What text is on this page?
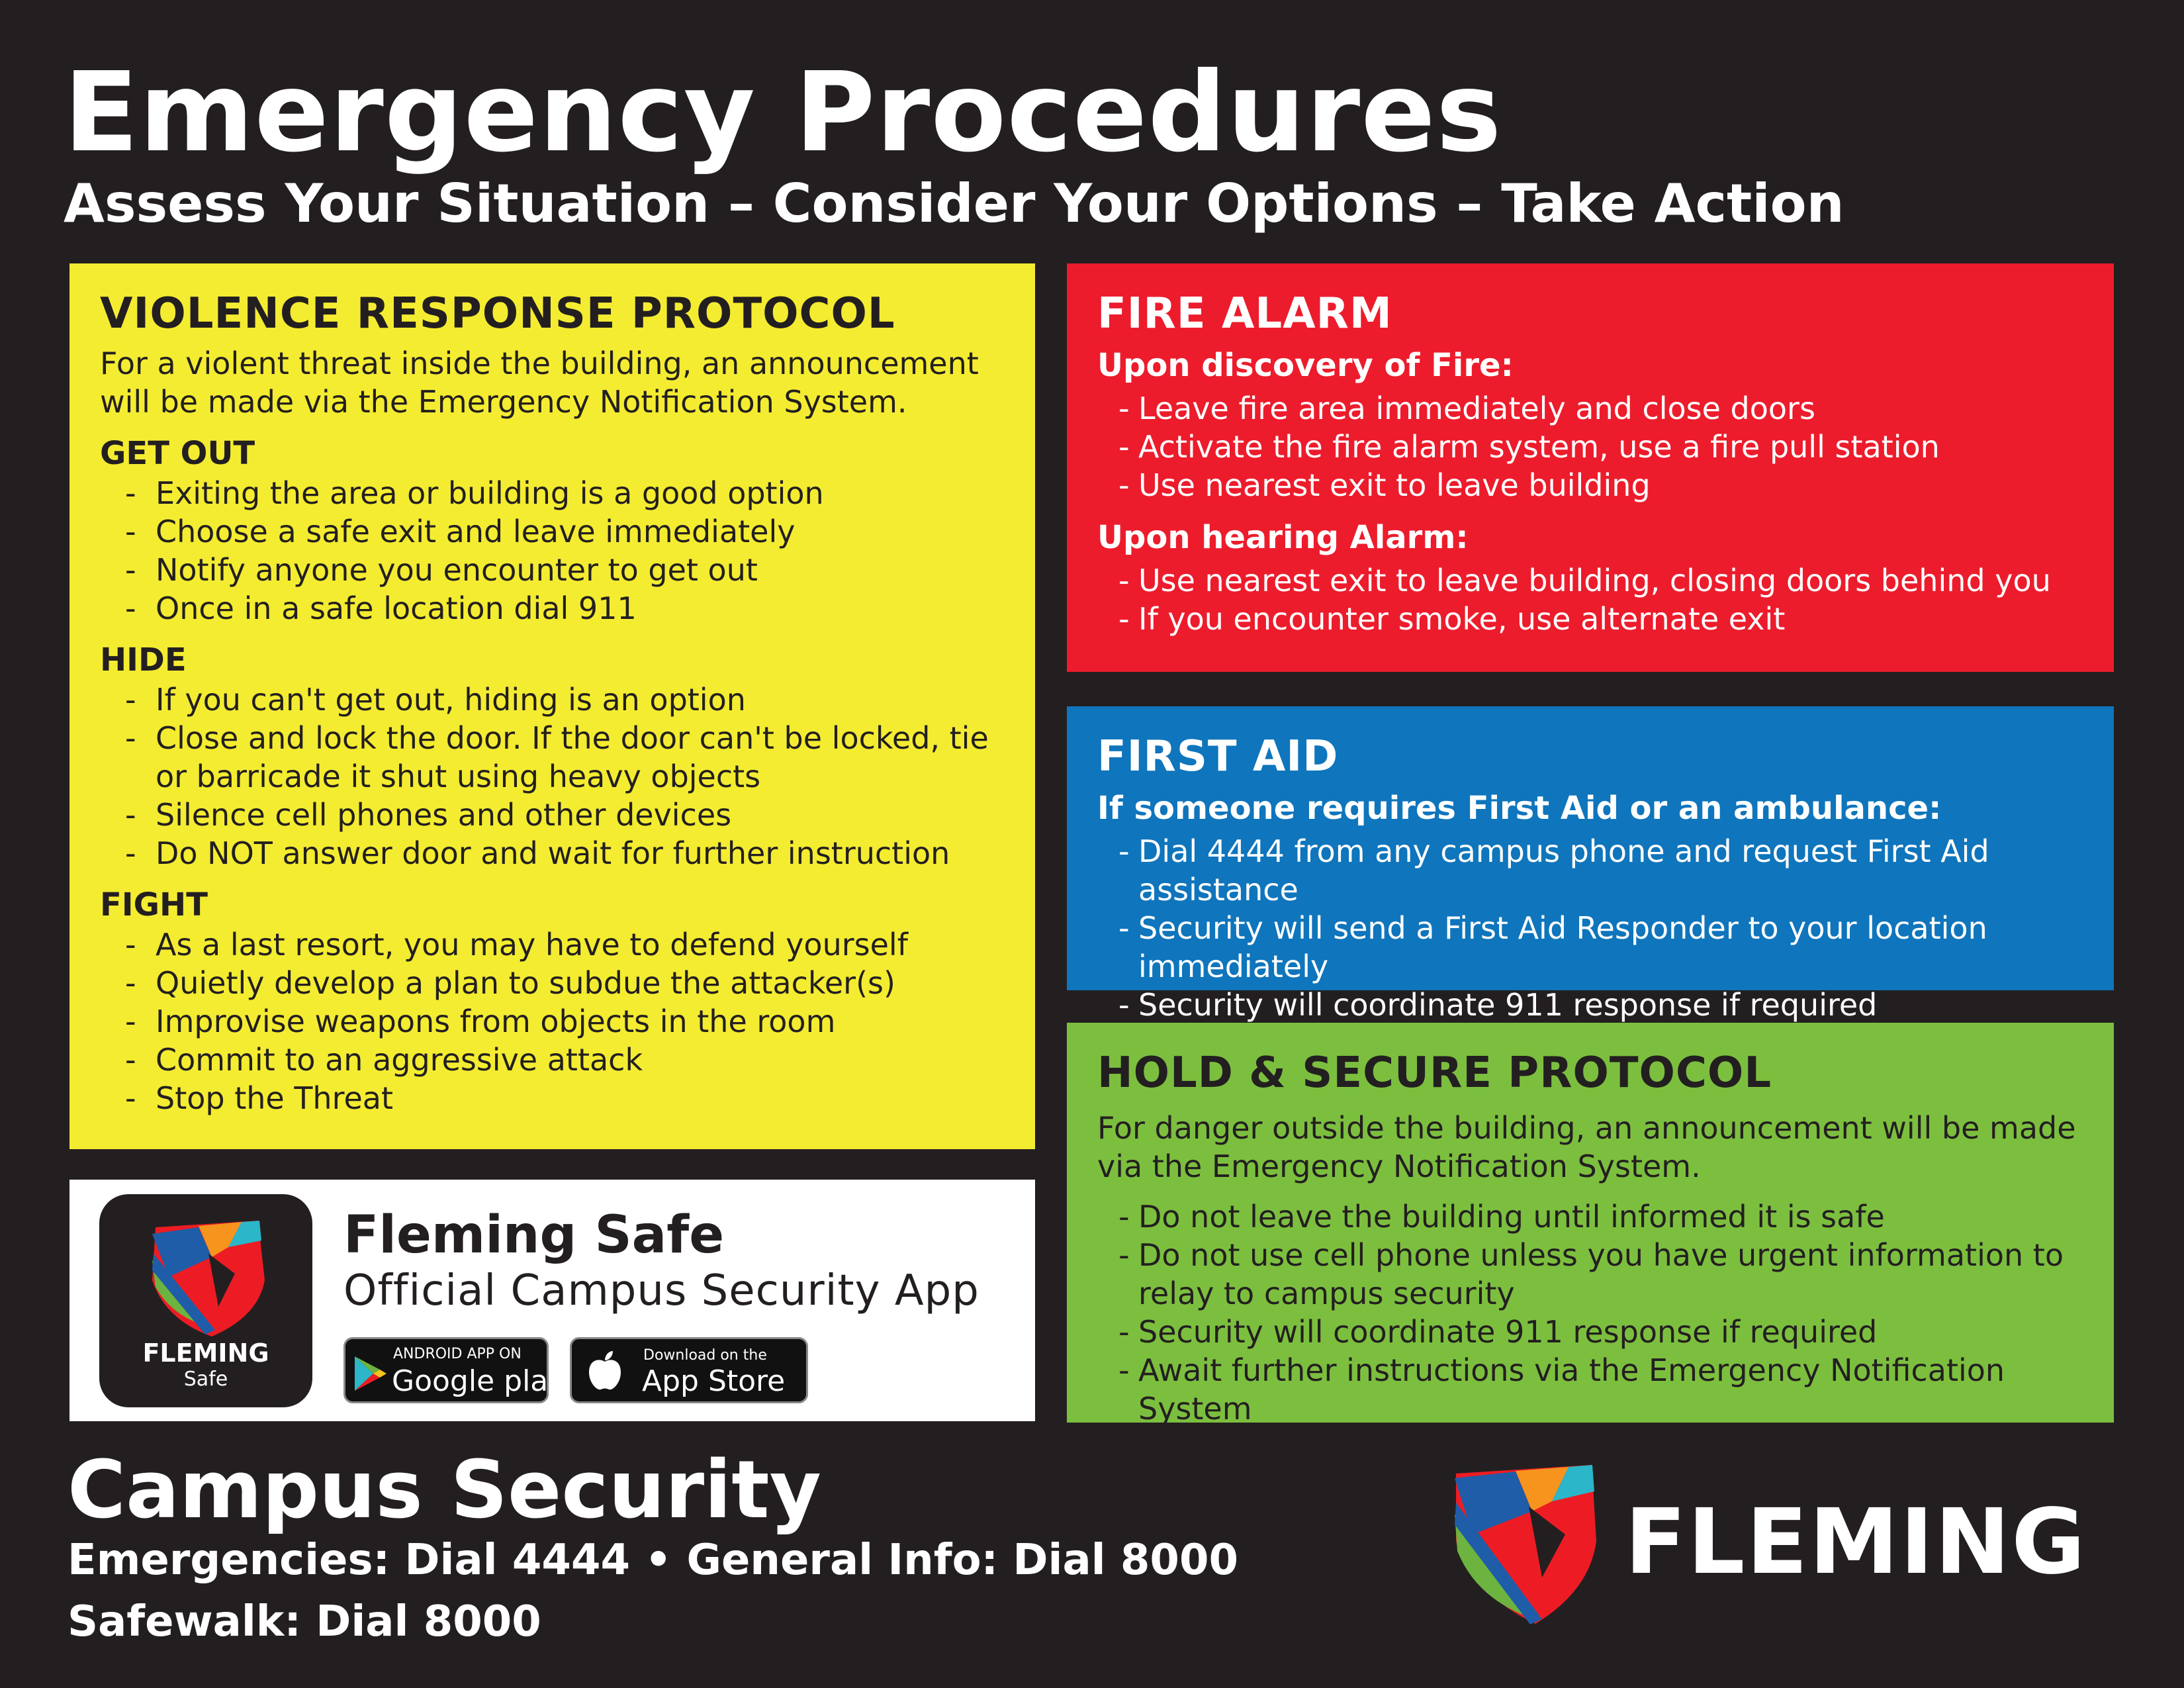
Emergency Procedures
Assess Your Situation – Consider Your Options – Take Action
VIOLENCE RESPONSE PROTOCOL
For a violent threat inside the building, an announcement will be made via the Emergency Notification System.
GET OUT
- Exiting the area or building is a good option
- Choose a safe exit and leave immediately
- Notify anyone you encounter to get out
- Once in a safe location dial 911
HIDE
- If you can't get out, hiding is an option
- Close and lock the door. If the door can't be locked, tie or barricade it shut using heavy objects
- Silence cell phones and other devices
- Do NOT answer door and wait for further instruction
FIGHT
- As a last resort, you may have to defend yourself
- Quietly develop a plan to subdue the attacker(s)
- Improvise weapons from objects in the room
- Commit to an aggressive attack
- Stop the Threat
FIRE ALARM
Upon discovery of Fire:
- Leave fire area immediately and close doors
- Activate the fire alarm system, use a fire pull station
- Use nearest exit to leave building
Upon hearing Alarm:
- Use nearest exit to leave building, closing doors behind you
- If you encounter smoke, use alternate exit
FIRST AID
If someone requires First Aid or an ambulance:
- Dial 4444 from any campus phone and request First Aid assistance
- Security will send a First Aid Responder to your location immediately
- Security will coordinate 911 response if required
HOLD & SECURE PROTOCOL
For danger outside the building, an announcement will be made via the Emergency Notification System.
- Do not leave the building until informed it is safe
- Do not use cell phone unless you have urgent information to relay to campus security
- Security will coordinate 911 response if required
- Await further instructions via the Emergency Notification System
FLEMING
Safe
Fleming Safe
Official Campus Security App
ANDROID APP ON
Google play
Download on the
App Store
Campus Security
Emergencies: Dial 4444 • General Info: Dial 8000
Safewalk: Dial 8000
FLEMING
